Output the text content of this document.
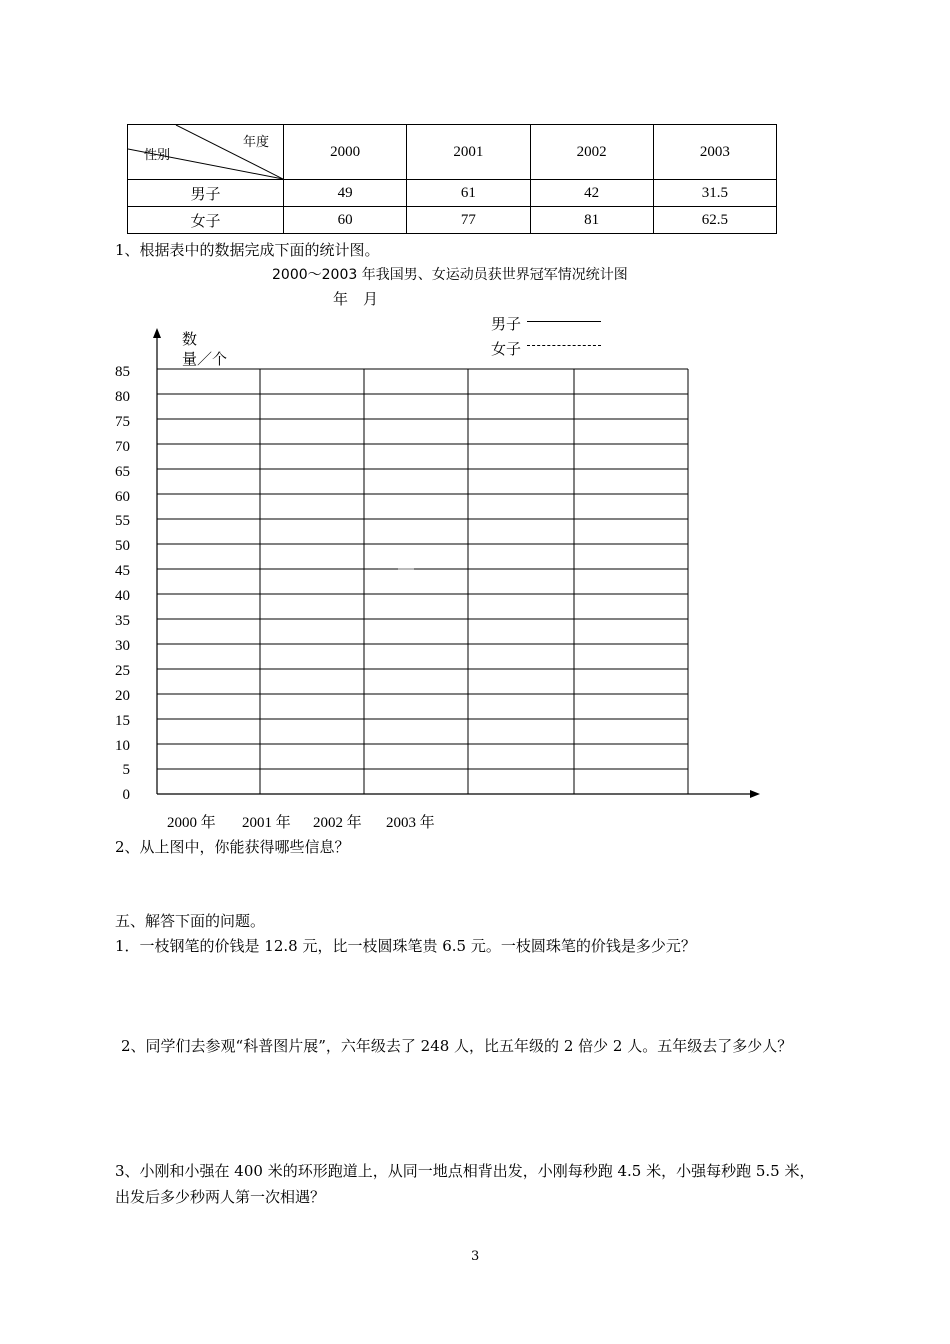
年度
性别	2000	2001	2002	2003
男子	49	61	42	31.5
女子	60	77	81	62.5
1、根据表中的数据完成下面的统计图。
2000～2003 年我国男、女运动员获世界冠军情况统计图
年　月
男子
女子
数
量／个
85
80
75
70
65
60
55
50
45
40
35
30
25
20
15
10
5
0
2000 年 2001 年 2002 年 2003 年
2、从上图中，你能获得哪些信息？
五、解答下面的问题。
1．一枝钢笔的价钱是 12.8 元，比一枝圆珠笔贵 6.5 元。一枝圆珠笔的价钱是多少元？
2、同学们去参观“科普图片展”，六年级去了 248 人，比五年级的 2 倍少 2 人。五年级去了多少人？
3、小刚和小强在 400 米的环形跑道上，从同一地点相背出发，小刚每秒跑 4.5 米，小强每秒跑 5.5 米，
出发后多少秒两人第一次相遇？
3
